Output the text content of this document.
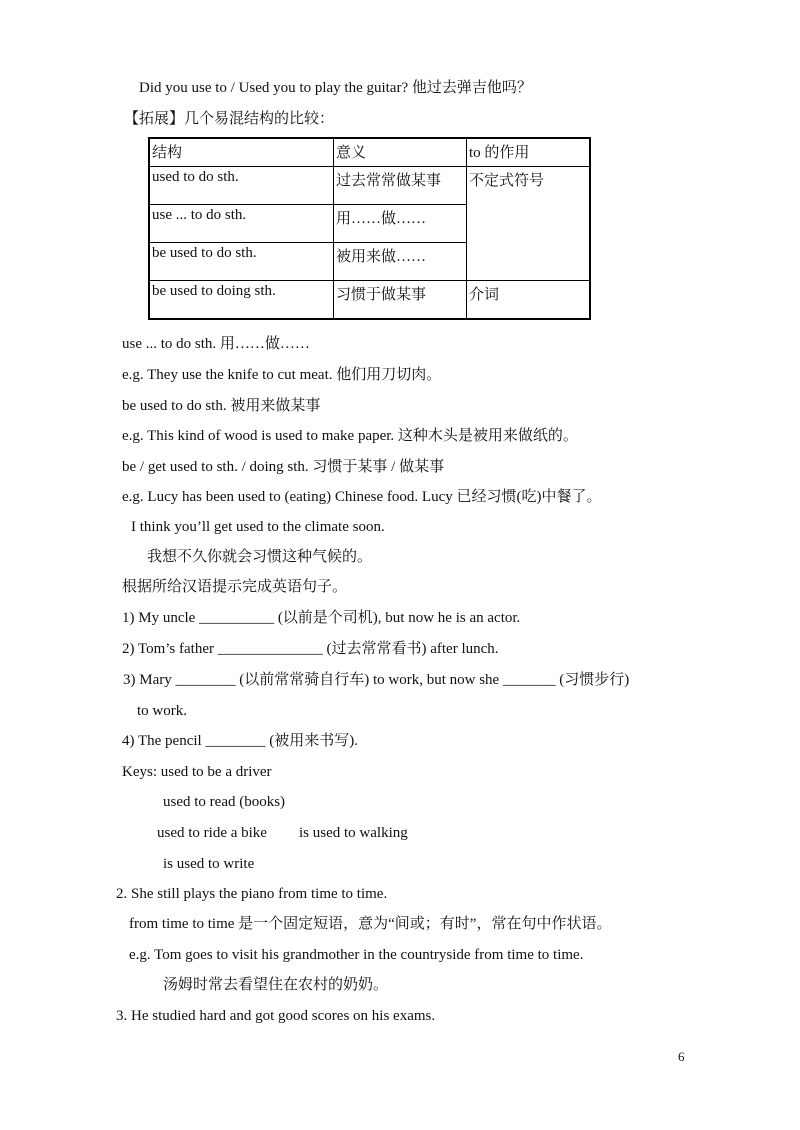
Did you use to / Used you to play the guitar? 他过去弹吉他吗？
【拓展】几个易混结构的比较：
结构	意义	to 的作用
used to do sth.	过去常常做某事	不定式符号
use ... to do sth.	用……做……	
be used to do sth.	被用来做……	
be used to doing sth.	习惯于做某事	介词
use ... to do sth. 用……做……
e.g. They use the knife to cut meat. 他们用刀切肉。
be used to do sth. 被用来做某事
e.g. This kind of wood is used to make paper. 这种木头是被用来做纸的。
be / get used to sth. / doing sth. 习惯于某事 / 做某事
e.g. Lucy has been used to (eating) Chinese food. Lucy 已经习惯(吃)中餐了。
I think you’ll get used to the climate soon.
我想不久你就会习惯这种气候的。
根据所给汉语提示完成英语句子。
1) My uncle __________ (以前是个司机), but now he is an actor.
2) Tom’s father ______________ (过去常常看书) after lunch.
3) Mary ________ (以前常常骑自行车) to work, but now she _______ (习惯步行)
to work.
4) The pencil ________ (被用来书写).
Keys: used to be a driver
used to read (books)
used to ride a bike is used to walking
is used to write
2. She still plays the piano from time to time.
from time to time 是一个固定短语，意为“间或；有时”，常在句中作状语。
e.g. Tom goes to visit his grandmother in the countryside from time to time.
汤姆时常去看望住在农村的奶奶。
3. He studied hard and got good scores on his exams.
6
